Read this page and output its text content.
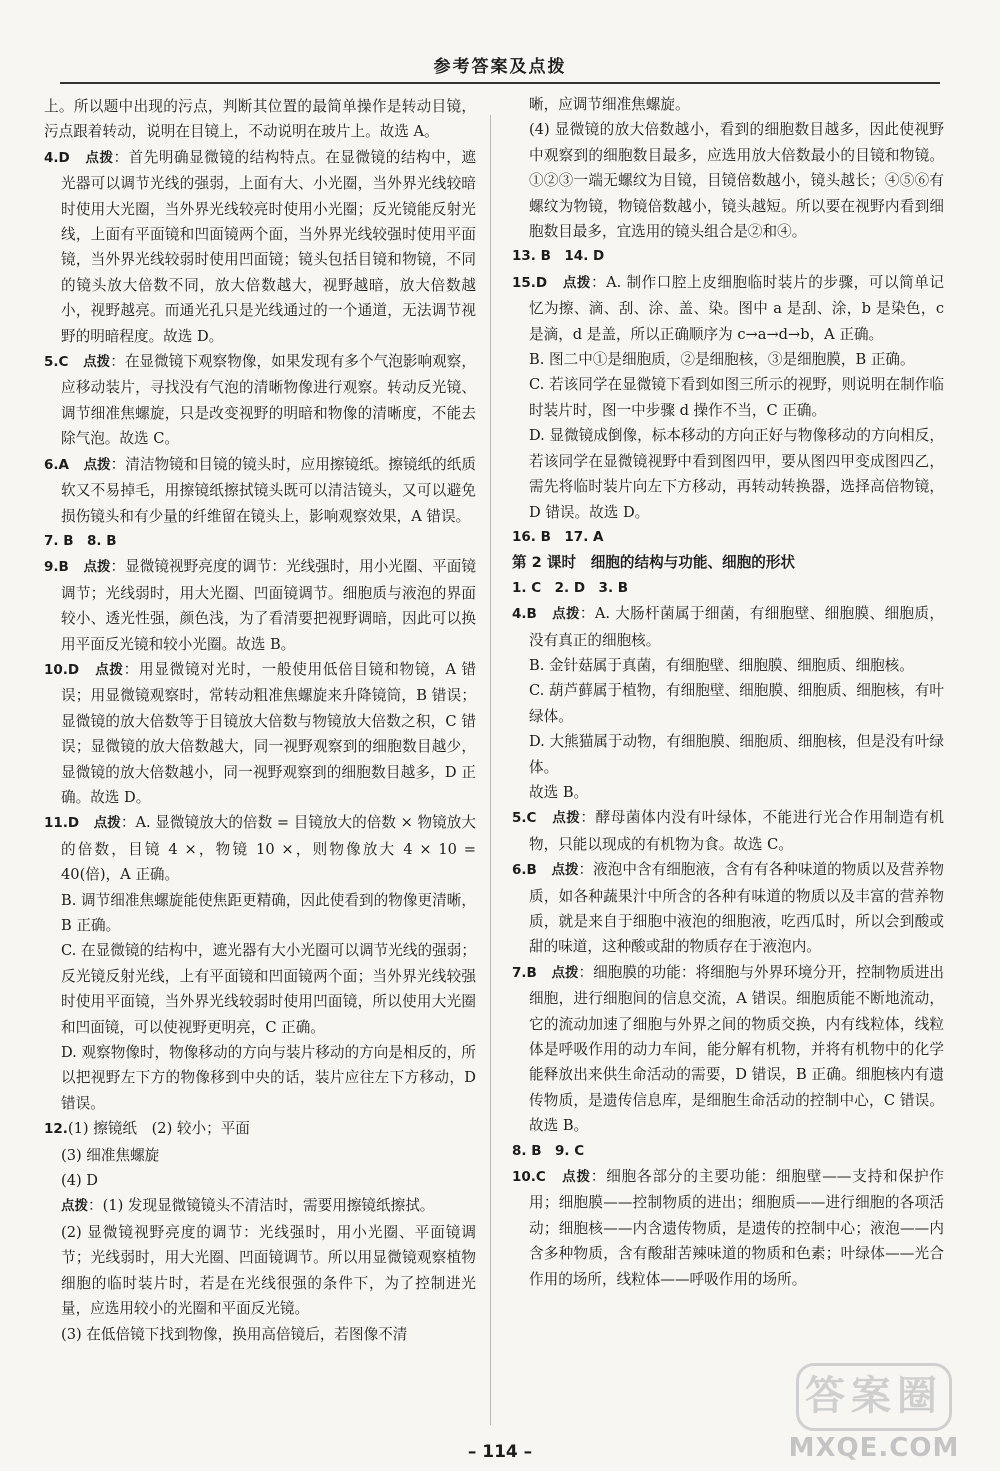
参考答案及点拨

上。所以题中出现的污点，判断其位置的最简单操作是转动目镜，污点跟着转动，说明在目镜上，不动说明在玻片上。故选 A。

4.D　 点拨：首先明确显微镜的结构特点。在显微镜的结构中，遮光器可以调节光线的强弱，上面有大、小光圈，当外界光线较暗时使用大光圈，当外界光线较亮时使用小光圈；反光镜能反射光线，上面有平面镜和凹面镜两个面，当外界光线较强时使用平面镜，当外界光线较弱时使用凹面镜；镜头包括目镜和物镜，不同的镜头放大倍数不同，放大倍数越大，视野越暗，放大倍数越小，视野越亮。而通光孔只是光线通过的一个通道，无法调节视野的明暗程度。故选 D。

5.C　 点拨：在显微镜下观察物像，如果发现有多个气泡影响观察，应移动装片，寻找没有气泡的清晰物像进行观察。转动反光镜、调节细准焦螺旋，只是改变视野的明暗和物像的清晰度，不能去除气泡。故选 C。

6.A　 点拨：清洁物镜和目镜的镜头时，应用擦镜纸。擦镜纸的纸质软又不易掉毛，用擦镜纸擦拭镜头既可以清洁镜头，又可以避免损伤镜头和有少量的纤维留在镜头上，影响观察效果，A 错误。

7. B　8. B

9.B　 点拨：显微镜视野亮度的调节：光线强时，用小光圈、平面镜调节；光线弱时，用大光圈、凹面镜调节。细胞质与液泡的界面较小、透光性强，颜色浅，为了看清要把视野调暗，因此可以换用平面反光镜和较小光圈。故选 B。

10.D　 点拨：用显微镜对光时，一般使用低倍目镜和物镜，A 错误；用显微镜观察时，常转动粗准焦螺旋来升降镜筒，B 错误；显微镜的放大倍数等于目镜放大倍数与物镜放大倍数之积，C 错误；显微镜的放大倍数越大，同一视野观察到的细胞数目越少，显微镜的放大倍数越小，同一视野观察到的细胞数目越多，D 正确。故选 D。

11.D　 点拨：A. 显微镜放大的倍数 = 目镜放大的倍数 × 物镜放大的倍数，目镜 4 ×，物镜 10 ×，则物像放大 4 × 10 = 40(倍)，A 正确。

B. 调节细准焦螺旋能使焦距更精确，因此使看到的物像更清晰，B 正确。

C. 在显微镜的结构中，遮光器有大小光圈可以调节光线的强弱；反光镜反射光线，上有平面镜和凹面镜两个面；当外界光线较强时使用平面镜，当外界光线较弱时使用凹面镜，所以使用大光圈和凹面镜，可以使视野更明亮，C 正确。

D. 观察物像时，物像移动的方向与装片移动的方向是相反的，所以把视野左下方的物像移到中央的话，装片应往左下方移动，D 错误。

12.(1) 擦镜纸　(2) 较小；平面

(3) 细准焦螺旋

(4) D

点拨：(1) 发现显微镜镜头不清洁时，需要用擦镜纸擦拭。

(2) 显微镜视野亮度的调节：光线强时，用小光圈、平面镜调节；光线弱时，用大光圈、凹面镜调节。所以用显微镜观察植物细胞的临时装片时，若是在光线很强的条件下，为了控制进光量，应选用较小的光圈和平面反光镜。

(3) 在低倍镜下找到物像，换用高倍镜后，若图像不清

晰，应调节细准焦螺旋。

(4) 显微镜的放大倍数越小，看到的细胞数目越多，因此使视野中观察到的细胞数目最多，应选用放大倍数最小的目镜和物镜。①②③一端无螺纹为目镜，目镜倍数越小，镜头越长；④⑤⑥有螺纹为物镜，物镜倍数越小，镜头越短。所以要在视野内看到细胞数目最多，宜选用的镜头组合是②和④。

13. B　14. D

15.D　 点拨：A. 制作口腔上皮细胞临时装片的步骤，可以简单记忆为擦、滴、刮、涂、盖、染。图中 a 是刮、涂，b 是染色，c 是滴，d 是盖，所以正确顺序为 c→a→d→b，A 正确。

B. 图二中①是细胞质，②是细胞核，③是细胞膜，B 正确。

C. 若该同学在显微镜下看到如图三所示的视野，则说明在制作临时装片时，图一中步骤 d 操作不当，C 正确。

D. 显微镜成倒像，标本移动的方向正好与物像移动的方向相反，若该同学在显微镜视野中看到图四甲，要从图四甲变成图四乙，需先将临时装片向左下方移动，再转动转换器，选择高倍物镜，D 错误。故选 D。

16. B　17. A

第 2 课时　细胞的结构与功能、细胞的形状

1. C　2. D　3. B

4.B　 点拨：A. 大肠杆菌属于细菌，有细胞壁、细胞膜、细胞质，没有真正的细胞核。

B. 金针菇属于真菌，有细胞壁、细胞膜、细胞质、细胞核。

C. 葫芦藓属于植物，有细胞壁、细胞膜、细胞质、细胞核，有叶绿体。

D. 大熊猫属于动物，有细胞膜、细胞质、细胞核，但是没有叶绿体。

故选 B。

5.C　 点拨：酵母菌体内没有叶绿体，不能进行光合作用制造有机物，只能以现成的有机物为食。故选 C。

6.B　 点拨：液泡中含有细胞液，含有有各种味道的物质以及营养物质，如各种蔬果汁中所含的各种有味道的物质以及丰富的营养物质，就是来自于细胞中液泡的细胞液，吃西瓜时，所以会到酸或甜的味道，这种酸或甜的物质存在于液泡内。

7.B　 点拨：细胞膜的功能：将细胞与外界环境分开，控制物质进出细胞，进行细胞间的信息交流，A 错误。细胞质能不断地流动，它的流动加速了细胞与外界之间的物质交换，内有线粒体，线粒体是呼吸作用的动力车间，能分解有机物，并将有机物中的化学能释放出来供生命活动的需要，D 错误，B 正确。细胞核内有遗传物质，是遗传信息库，是细胞生命活动的控制中心，C 错误。故选 B。

8. B　9. C

10.C　 点拨：细胞各部分的主要功能：细胞壁——支持和保护作用；细胞膜——控制物质的进出；细胞质——进行细胞的各项活动；细胞核——内含遗传物质，是遗传的控制中心；液泡——内含多种物质，含有酸甜苦辣味道的物质和色素；叶绿体——光合作用的场所，线粒体——呼吸作用的场所。

– 114 –
答案圈
MXQE.COM
